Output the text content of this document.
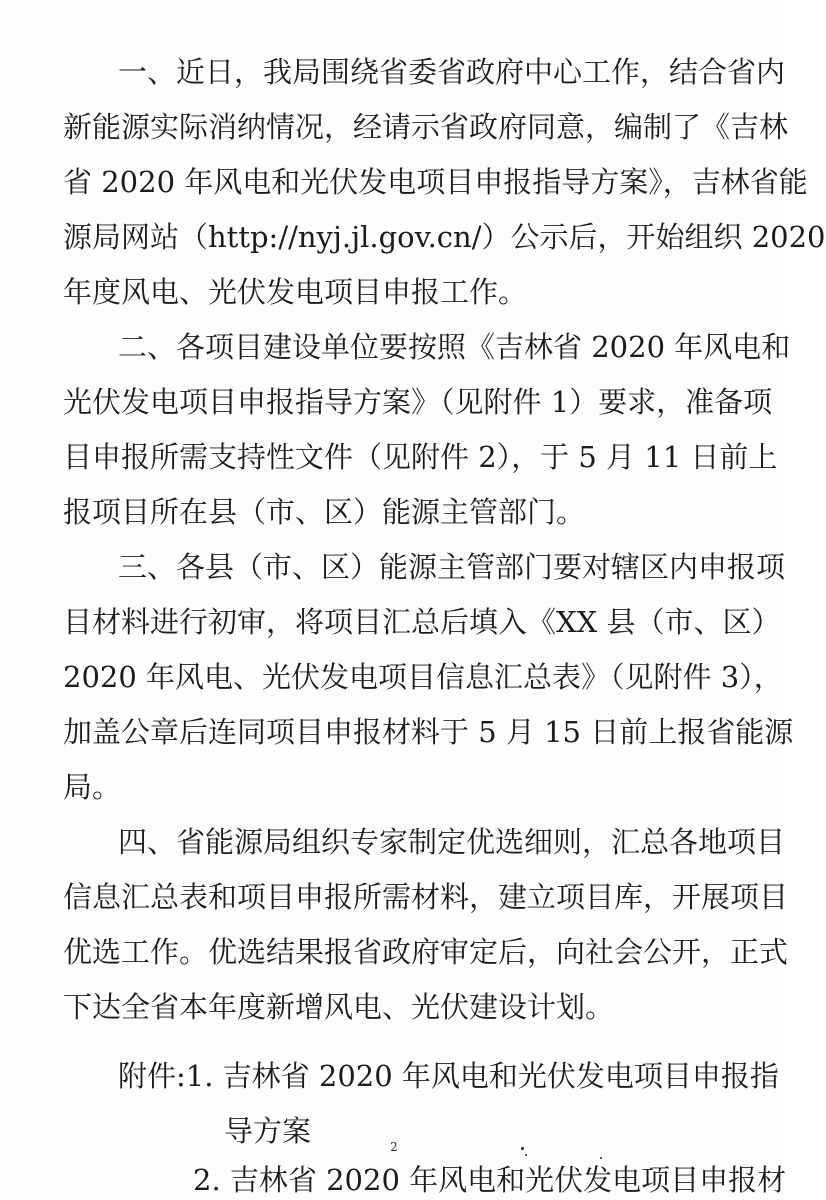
一、近日，我局围绕省委省政府中心工作，结合省内
新能源实际消纳情况，经请示省政府同意，编制了《吉林
省 2020 年风电和光伏发电项目申报指导方案》，吉林省能
源局网站（http://nyj.jl.gov.cn/）公示后，开始组织 2020
年度风电、光伏发电项目申报工作。
二、各项目建设单位要按照《吉林省 2020 年风电和
光伏发电项目申报指导方案》（见附件 1）要求，准备项
目申报所需支持性文件（见附件 2），于 5 月 11 日前上
报项目所在县（市、区）能源主管部门。
三、各县（市、区）能源主管部门要对辖区内申报项
目材料进行初审，将项目汇总后填入《XX 县（市、区）
2020 年风电、光伏发电项目信息汇总表》（见附件 3），
加盖公章后连同项目申报材料于 5 月 15 日前上报省能源
局。
四、省能源局组织专家制定优选细则，汇总各地项目
信息汇总表和项目申报所需材料，建立项目库，开展项目
优选工作。优选结果报省政府审定后，向社会公开，正式
下达全省本年度新增风电、光伏建设计划。
附件:1. 吉林省 2020 年风电和光伏发电项目申报指
导方案
2. 吉林省 2020 年风电和光伏发电项目申报材
2
